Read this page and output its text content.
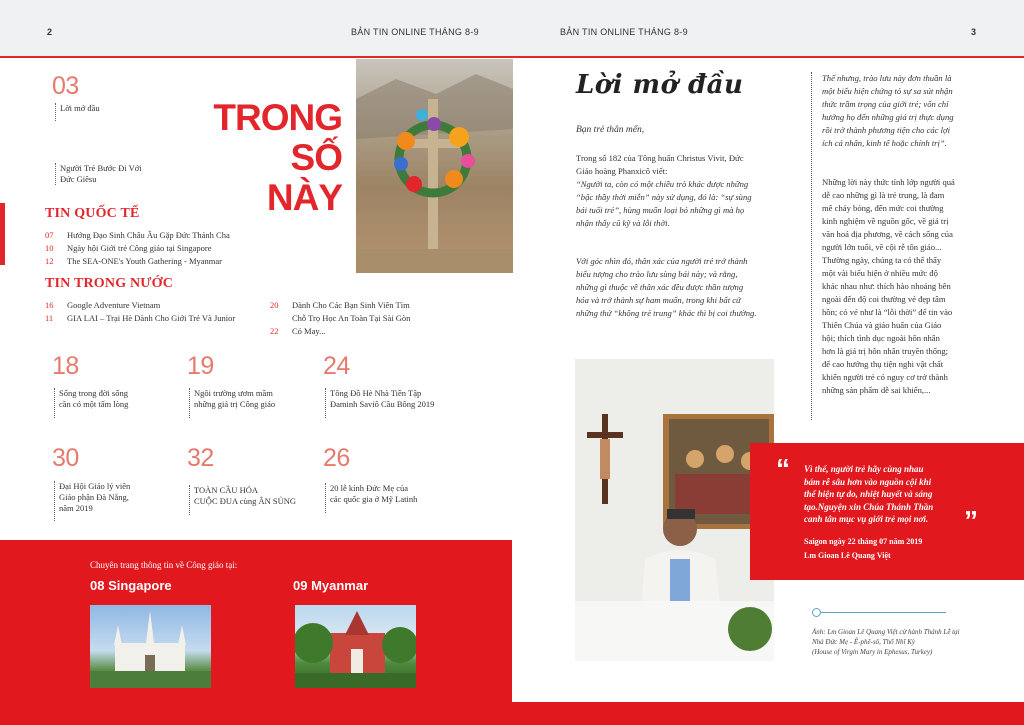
2	BẢN TIN ONLINE THÁNG 8-9	BẢN TIN ONLINE THÁNG 8-9	3
03
Lời mở đầu
Người Trẻ Bước Đi Với
Đức Giêsu
TRONG
SỐ
NÀY
TIN QUỐC TẾ
07 Hướng Đạo Sinh Châu Âu Gặp Đức Thánh Cha
10 Ngày hội Giới trẻ Công giáo tại Singapore
12 The SEA-ONE's Youth Gathering - Myanmar
TIN TRONG NƯỚC
16 Google Adventure Vietnam
11 GIA LAI – Trại Hè Dành Cho Giới Trẻ Và Junior
20 Dành Cho Các Bạn Sinh Viên Tìm
Chỗ Trọ Học An Toàn Tại Sài Gòn
22 Có May...
18
Sống trong đời sống
cần có một tấm lòng
19
Ngôi trường ươm mầm
những giá trị Công giáo
24
Tông Đồ Hè Nhà Tiền Tập
Đaminh Saviô Cầu Bông 2019
30
Đại Hội Giáo lý viên
Giáo phận Đà Nẵng,
năm 2019
32
TOÀN CẦU HÓA
CUỘC ĐUA cùng ÂN SỦNG
26
20 lễ kính Đức Mẹ của
các quốc gia ở Mỹ Latinh
Chuyên trang thông tin về Công giáo tại:
08 Singapore	09 Myanmar
Lời mở đầu
Bạn trẻ thân mến,
Trong số 182 của Tông huấn Christus Vivit, Đức
Giáo hoàng Phanxicô viết:
“Người ta, còn có một chiều trò khác được những
“bậc thầy thời miễn” này sử dụng, đó là: “sự sùng
bái tuổi trẻ”, hùng muốn loại bỏ những gì mà họ
nhận thấy cũ kỹ và lỗi thời.
Với góc nhìn đó, thân xác của người trẻ trở thành
biểu tượng cho trào lưu sùng bái này; và rằng,
những gì thuộc về thân xác đều được thần tượng
hóa và trở thành sự ham muốn, trong khi bất cứ
những thứ “không trẻ trung” khác thì bị coi thường.
Thế nhưng, trào lưu này đơn thuần là
một biểu hiện chứng tỏ sự sa sút nhận
thức trầm trọng của giới trẻ; vốn chỉ
hướng họ đến những giá trị thực dụng
rồi trở thành phương tiện cho các lợi
ích cá nhân, kinh tế hoặc chính trị”.
Những lời này thức tỉnh lớp người quá
dễ cao những gì là trẻ trung, là đam
mê cháy bỏng, đến mức coi thường
kinh nghiệm về nguồn gốc, về giá trị
văn hoá địa phương, về cách sống của
người lớn tuổi, về cội rễ tôn giáo...
Thường ngày, chúng ta có thể thấy
một vài biểu hiện ở nhiều mức độ
khác nhau như: thích hào nhoáng bên
ngoài đến độ coi thường vẻ đẹp tâm
hồn; có vẻ như là “lỗi thời” để tin vào
Thiên Chúa và giáo huấn của Giáo
hội; thích tình dục ngoài hôn nhân
hơn là giá trị hôn nhân truyền thống;
để cao hướng thụ tiện nghi vật chất
khiến người trẻ có nguy cơ trở thành
những sản phẩm dễ sai khiến,...
“ Vì thế, người trẻ hãy cùng nhau
bám rễ sâu hơn vào nguồn cội khi
thể hiện tự do, nhiệt huyết và sáng
tạo.Nguyện xin Chúa Thánh Thần
canh tân mục vụ giới trẻ mọi nơi.	”
Saigon ngày 22 tháng 07 năm 2019
Lm Gioan Lê Quang Việt
Ảnh: Lm Gioan Lê Quang Việt cử hành Thánh Lễ tại
Nhà Đức Mẹ - Ê-phê-sô, Thổ Nhĩ Kỳ
(House of Virgin Mary in Ephesus, Turkey)
